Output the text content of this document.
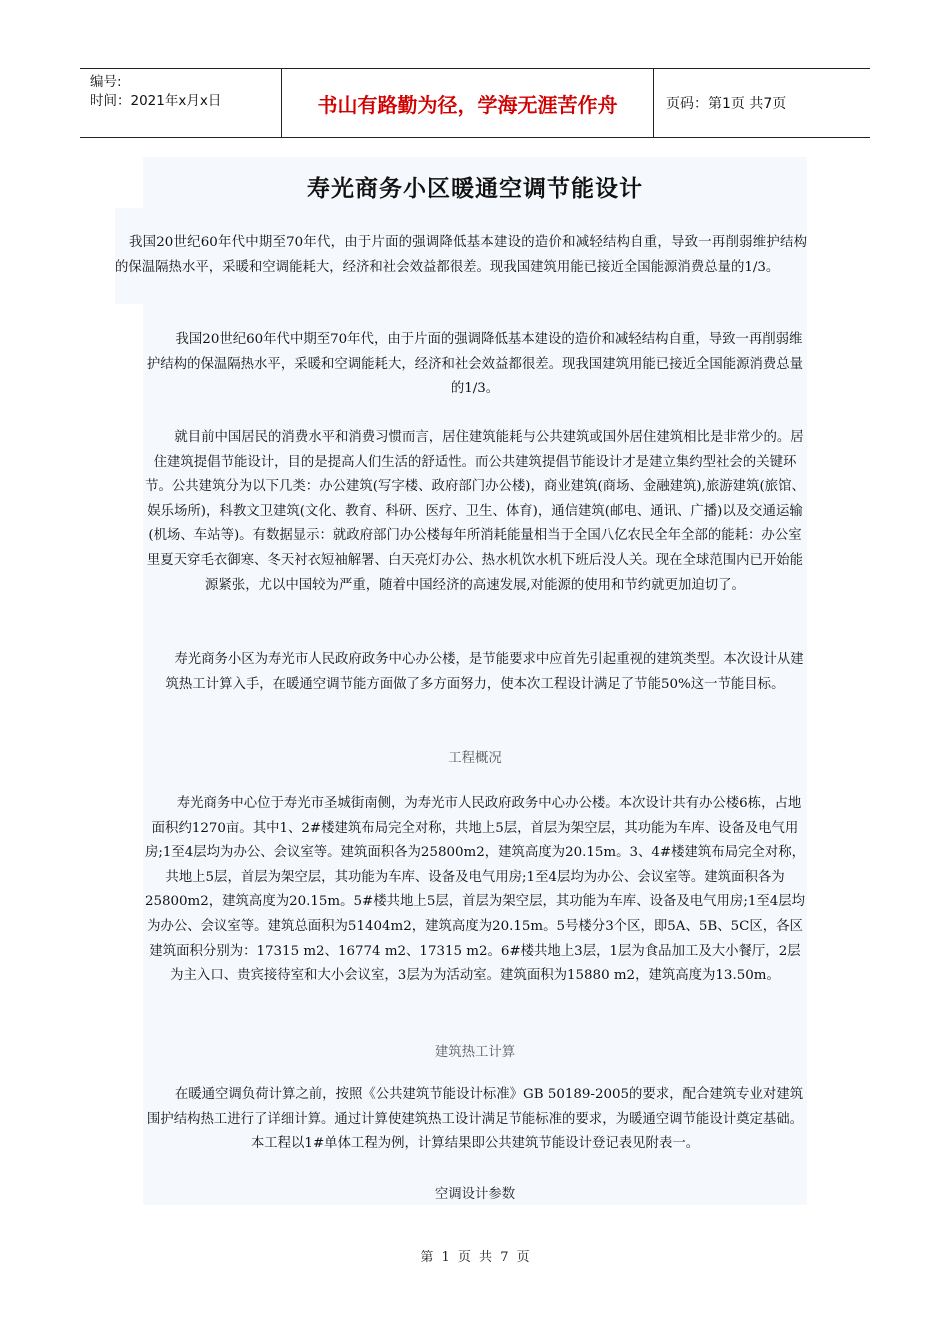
编号:
时间：2021年x月x日	书山有路勤为径，学海无涯苦作舟	页码：第1页 共7页
寿光商务小区暖通空调节能设计
我国20世纪60年代中期至70年代，由于片面的强调降低基本建设的造价和减轻结构自重，导致一再削弱维护结构的保温隔热水平，采暖和空调能耗大，经济和社会效益都很差。现我国建筑用能已接近全国能源消费总量的1/3。
我国20世纪60年代中期至70年代，由于片面的强调降低基本建设的造价和减轻结构自重，导致一再削弱维护结构的保温隔热水平，采暖和空调能耗大，经济和社会效益都很差。现我国建筑用能已接近全国能源消费总量的1/3。
就目前中国居民的消费水平和消费习惯而言，居住建筑能耗与公共建筑或国外居住建筑相比是非常少的。居住建筑提倡节能设计，目的是提高人们生活的舒适性。而公共建筑提倡节能设计才是建立集约型社会的关键环节。公共建筑分为以下几类：办公建筑(写字楼、政府部门办公楼)，商业建筑(商场、金融建筑),旅游建筑(旅馆、娱乐场所)，科教文卫建筑(文化、教育、科研、医疗、卫生、体育)，通信建筑(邮电、通讯、广播)以及交通运输(机场、车站等)。有数据显示：就政府部门办公楼每年所消耗能量相当于全国八亿农民全年全部的能耗：办公室里夏天穿毛衣御寒、冬天衬衣短袖解署、白天亮灯办公、热水机饮水机下班后没人关。现在全球范围内已开始能源紧张，尤以中国较为严重，随着中国经济的高速发展,对能源的使用和节约就更加迫切了。
寿光商务小区为寿光市人民政府政务中心办公楼，是节能要求中应首先引起重视的建筑类型。本次设计从建筑热工计算入手，在暖通空调节能方面做了多方面努力，使本次工程设计满足了节能50%这一节能目标。
工程概况
寿光商务中心位于寿光市圣城街南侧，为寿光市人民政府政务中心办公楼。本次设计共有办公楼6栋，占地面积约1270亩。其中1、2#楼建筑布局完全对称，共地上5层，首层为架空层，其功能为车库、设备及电气用房;1至4层均为办公、会议室等。建筑面积各为25800m2，建筑高度为20.15m。3、4#楼建筑布局完全对称，共地上5层，首层为架空层，其功能为车库、设备及电气用房;1至4层均为办公、会议室等。建筑面积各为25800m2，建筑高度为20.15m。5#楼共地上5层，首层为架空层，其功能为车库、设备及电气用房;1至4层均为办公、会议室等。建筑总面积为51404m2，建筑高度为20.15m。5号楼分3个区，即5A、5B、5C区，各区建筑面积分别为：17315 m2、16774 m2、17315 m2。6#楼共地上3层，1层为食品加工及大小餐厅，2层为主入口、贵宾接待室和大小会议室，3层为为活动室。建筑面积为15880 m2，建筑高度为13.50m。
建筑热工计算
在暖通空调负荷计算之前，按照《公共建筑节能设计标准》GB 50189-2005的要求，配合建筑专业对建筑围护结构热工进行了详细计算。通过计算使建筑热工设计满足节能标准的要求，为暖通空调节能设计奠定基础。本工程以1#单体工程为例，计算结果即公共建筑节能设计登记表见附表一。
空调设计参数
第 1 页 共 7 页
